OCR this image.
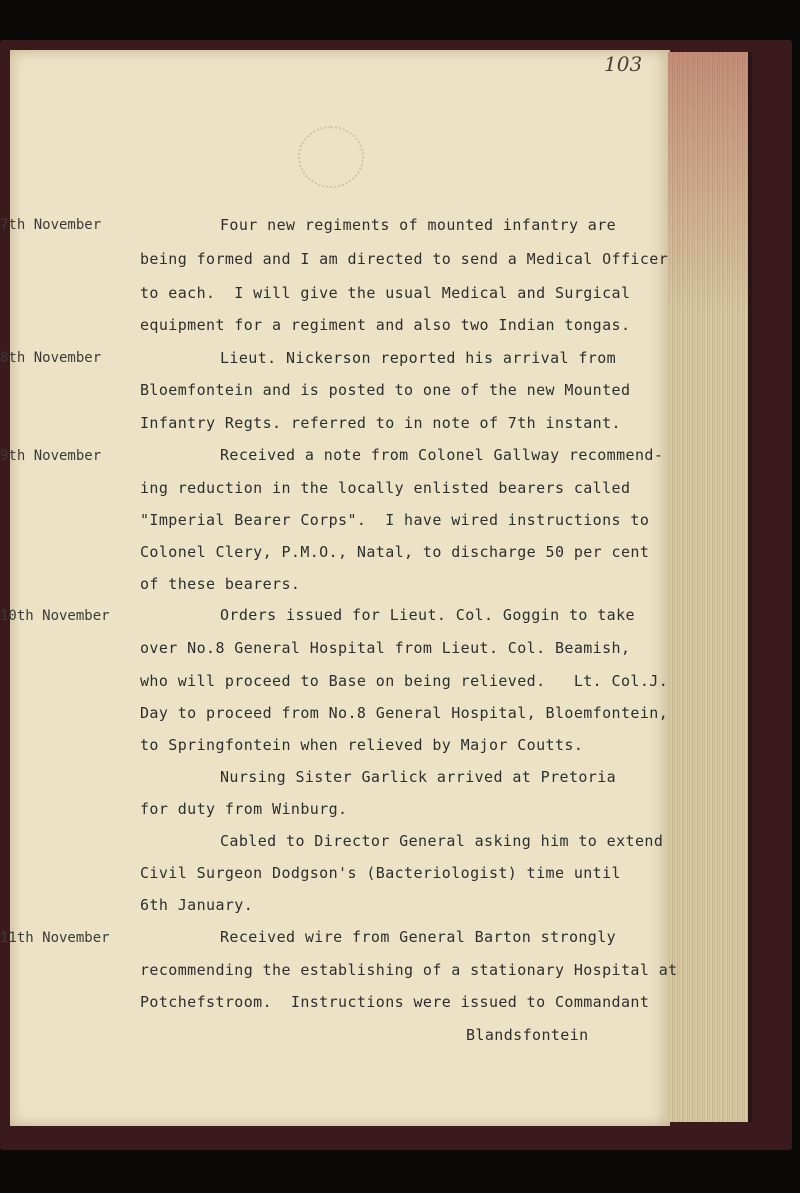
103
7th November	Four new regiments of mounted infantry are
being formed and I am directed to send a Medical Officer
to each.  I will give the usual Medical and Surgical
equipment for a regiment and also two Indian tongas.
8th November	Lieut. Nickerson reported his arrival from
Bloemfontein and is posted to one of the new Mounted
Infantry Regts. referred to in note of 7th instant.
9th November	Received a note from Colonel Gallway recommend-
ing reduction in the locally enlisted bearers called
"Imperial Bearer Corps".  I have wired instructions to
Colonel Clery, P.M.O., Natal, to discharge 50 per cent
of these bearers.
10th November	Orders issued for Lieut. Col. Goggin to take
over No.8 General Hospital from Lieut. Col. Beamish,
who will proceed to Base on being relieved.   Lt. Col.J.
Day to proceed from No.8 General Hospital, Bloemfontein,
to Springfontein when relieved by Major Coutts.
Nursing Sister Garlick arrived at Pretoria
for duty from Winburg.
Cabled to Director General asking him to extend
Civil Surgeon Dodgson's (Bacteriologist) time until
6th January.
11th November	Received wire from General Barton strongly
recommending the establishing of a stationary Hospital at
Potchefstroom.  Instructions were issued to Commandant
Blandsfontein
